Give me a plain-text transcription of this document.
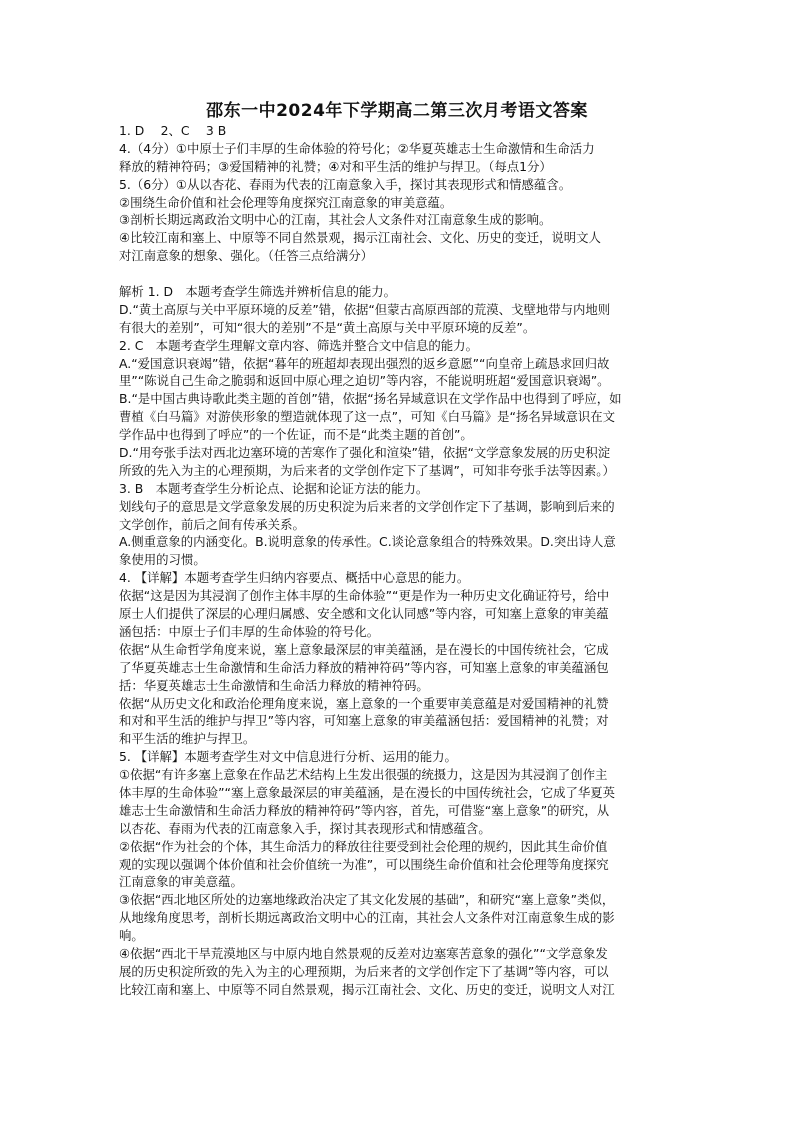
邵东一中2024年下学期高二第三次月考语文答案
1. D　 2、C　 3 B
4.（4分）①中原士子们丰厚的生命体验的符号化；②华夏英雄志士生命激情和生命活力
释放的精神符码；③爱国精神的礼赞；④对和平生活的维护与捍卫。（每点1分）
5.（6分）①从以杏花、春雨为代表的江南意象入手，探讨其表现形式和情感蕴含。
②围绕生命价值和社会伦理等角度探究江南意象的审美意蕴。
③剖析长期远离政治文明中心的江南，其社会人文条件对江南意象生成的影响。
④比较江南和塞上、中原等不同自然景观，揭示江南社会、文化、历史的变迁，说明文人
对江南意象的想象、强化。（任答三点给满分）
解析 1. D　本题考查学生筛选并辨析信息的能力。
D.“黄土高原与关中平原环境的反差”错，依据“但蒙古高原西部的荒漠、戈壁地带与内地则
有很大的差别”，可知“很大的差别”不是“黄土高原与关中平原环境的反差”。
2. C　本题考查学生理解文章内容、筛选并整合文中信息的能力。
A.“爱国意识衰竭”错，依据“暮年的班超却表现出强烈的返乡意愿”“向皇帝上疏恳求回归故
里”“陈说自己生命之脆弱和返回中原心理之迫切”等内容，不能说明班超“爱国意识衰竭”。
B.“是中国古典诗歌此类主题的首创”错，依据“扬名异域意识在文学作品中也得到了呼应，如
曹植《白马篇》对游侠形象的塑造就体现了这一点”，可知《白马篇》是“扬名异域意识在文
学作品中也得到了呼应”的一个佐证，而不是“此类主题的首创”。
D.“用夸张手法对西北边塞环境的苦寒作了强化和渲染”错，依据“文学意象发展的历史积淀
所致的先入为主的心理预期，为后来者的文学创作定下了基调”，可知非夸张手法等因素。）
3. B　本题考查学生分析论点、论据和论证方法的能力。
划线句子的意思是文学意象发展的历史积淀为后来者的文学创作定下了基调，影响到后来的
文学创作，前后之间有传承关系。
A.侧重意象的内涵变化。B.说明意象的传承性。C.谈论意象组合的特殊效果。D.突出诗人意
象使用的习惯。
4. 【详解】本题考查学生归纳内容要点、概括中心意思的能力。
依据“这是因为其浸润了创作主体丰厚的生命体验”“更是作为一种历史文化确证符号，给中
原士人们提供了深层的心理归属感、安全感和文化认同感”等内容，可知塞上意象的审美蕴
涵包括：中原士子们丰厚的生命体验的符号化。
依据“从生命哲学角度来说，塞上意象最深层的审美蕴涵，是在漫长的中国传统社会，它成
了华夏英雄志士生命激情和生命活力释放的精神符码”等内容，可知塞上意象的审美蕴涵包
括：华夏英雄志士生命激情和生命活力释放的精神符码。
依据“从历史文化和政治伦理角度来说，塞上意象的一个重要审美意蕴是对爱国精神的礼赞
和对和平生活的维护与捍卫”等内容，可知塞上意象的审美蕴涵包括：爱国精神的礼赞；对
和平生活的维护与捍卫。
5. 【详解】本题考查学生对文中信息进行分析、运用的能力。
①依据“有许多塞上意象在作品艺术结构上生发出很强的统摄力，这是因为其浸润了创作主
体丰厚的生命体验”“塞上意象最深层的审美蕴涵，是在漫长的中国传统社会，它成了华夏英
雄志士生命激情和生命活力释放的精神符码”等内容，首先，可借鉴“塞上意象”的研究，从
以杏花、春雨为代表的江南意象入手，探讨其表现形式和情感蕴含。
②依据“作为社会的个体，其生命活力的释放往往要受到社会伦理的规约，因此其生命价值
观的实现以强调个体价值和社会价值统一为准”，可以围绕生命价值和社会伦理等角度探究
江南意象的审美意蕴。
③依据“西北地区所处的边塞地缘政治决定了其文化发展的基础”，和研究“塞上意象”类似，
从地缘角度思考，剖析长期远离政治文明中心的江南，其社会人文条件对江南意象生成的影
响。
④依据“西北干旱荒漠地区与中原内地自然景观的反差对边塞寒苦意象的强化”“文学意象发
展的历史积淀所致的先入为主的心理预期，为后来者的文学创作定下了基调”等内容，可以
比较江南和塞上、中原等不同自然景观，揭示江南社会、文化、历史的变迁，说明文人对江
